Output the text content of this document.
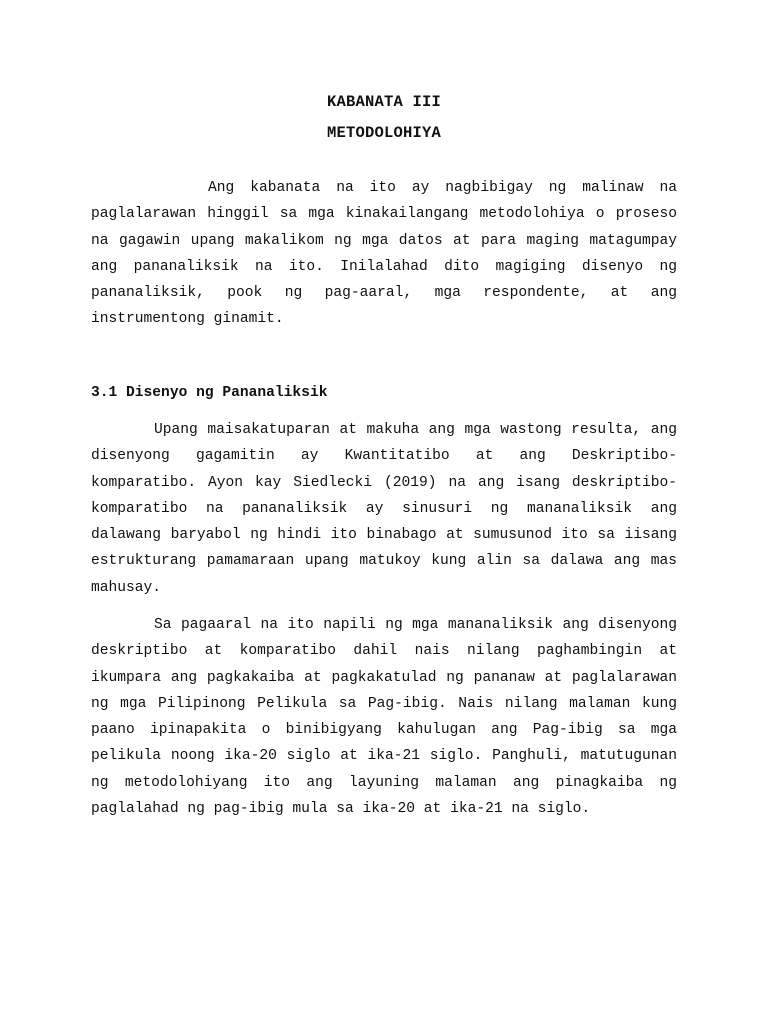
KABANATA III
METODOLOHIYA

Ang kabanata na ito ay nagbibigay ng malinaw na paglalarawan hinggil sa mga kinakailangang metodolohiya o proseso na gagawin upang makalikom ng mga datos at para maging matagumpay ang pananaliksik na ito. Inilalahad dito magiging disenyo ng pananaliksik, pook ng pag-aaral, mga respondente, at ang instrumentong ginamit.

3.1 Disenyo ng Pananaliksik

Upang maisakatuparan at makuha ang mga wastong resulta, ang disenyong gagamitin ay Kwantitatibo at ang Deskriptibo-komparatibo. Ayon kay Siedlecki (2019) na ang isang deskriptibo-komparatibo na pananaliksik ay sinusuri ng mananaliksik ang dalawang baryabol ng hindi ito binabago at sumusunod ito sa iisang estrukturang pamamaraan upang matukoy kung alin sa dalawa ang mas mahusay.

Sa pagaaral na ito napili ng mga mananaliksik ang disenyong deskriptibo at komparatibo dahil nais nilang paghambingin at ikumpara ang pagkakaiba at pagkakatulad ng pananaw at paglalarawan ng mga Pilipinong Pelikula sa Pag-ibig. Nais nilang malaman kung paano ipinapakita o binibigyang kahulugan ang Pag-ibig sa mga pelikula noong ika-20 siglo at ika-21 siglo. Panghuli, matutugunan ng metodolohiyang ito ang layuning malaman ang pinagkaiba ng paglalahad ng pag-ibig mula sa ika-20 at ika-21 na siglo.
